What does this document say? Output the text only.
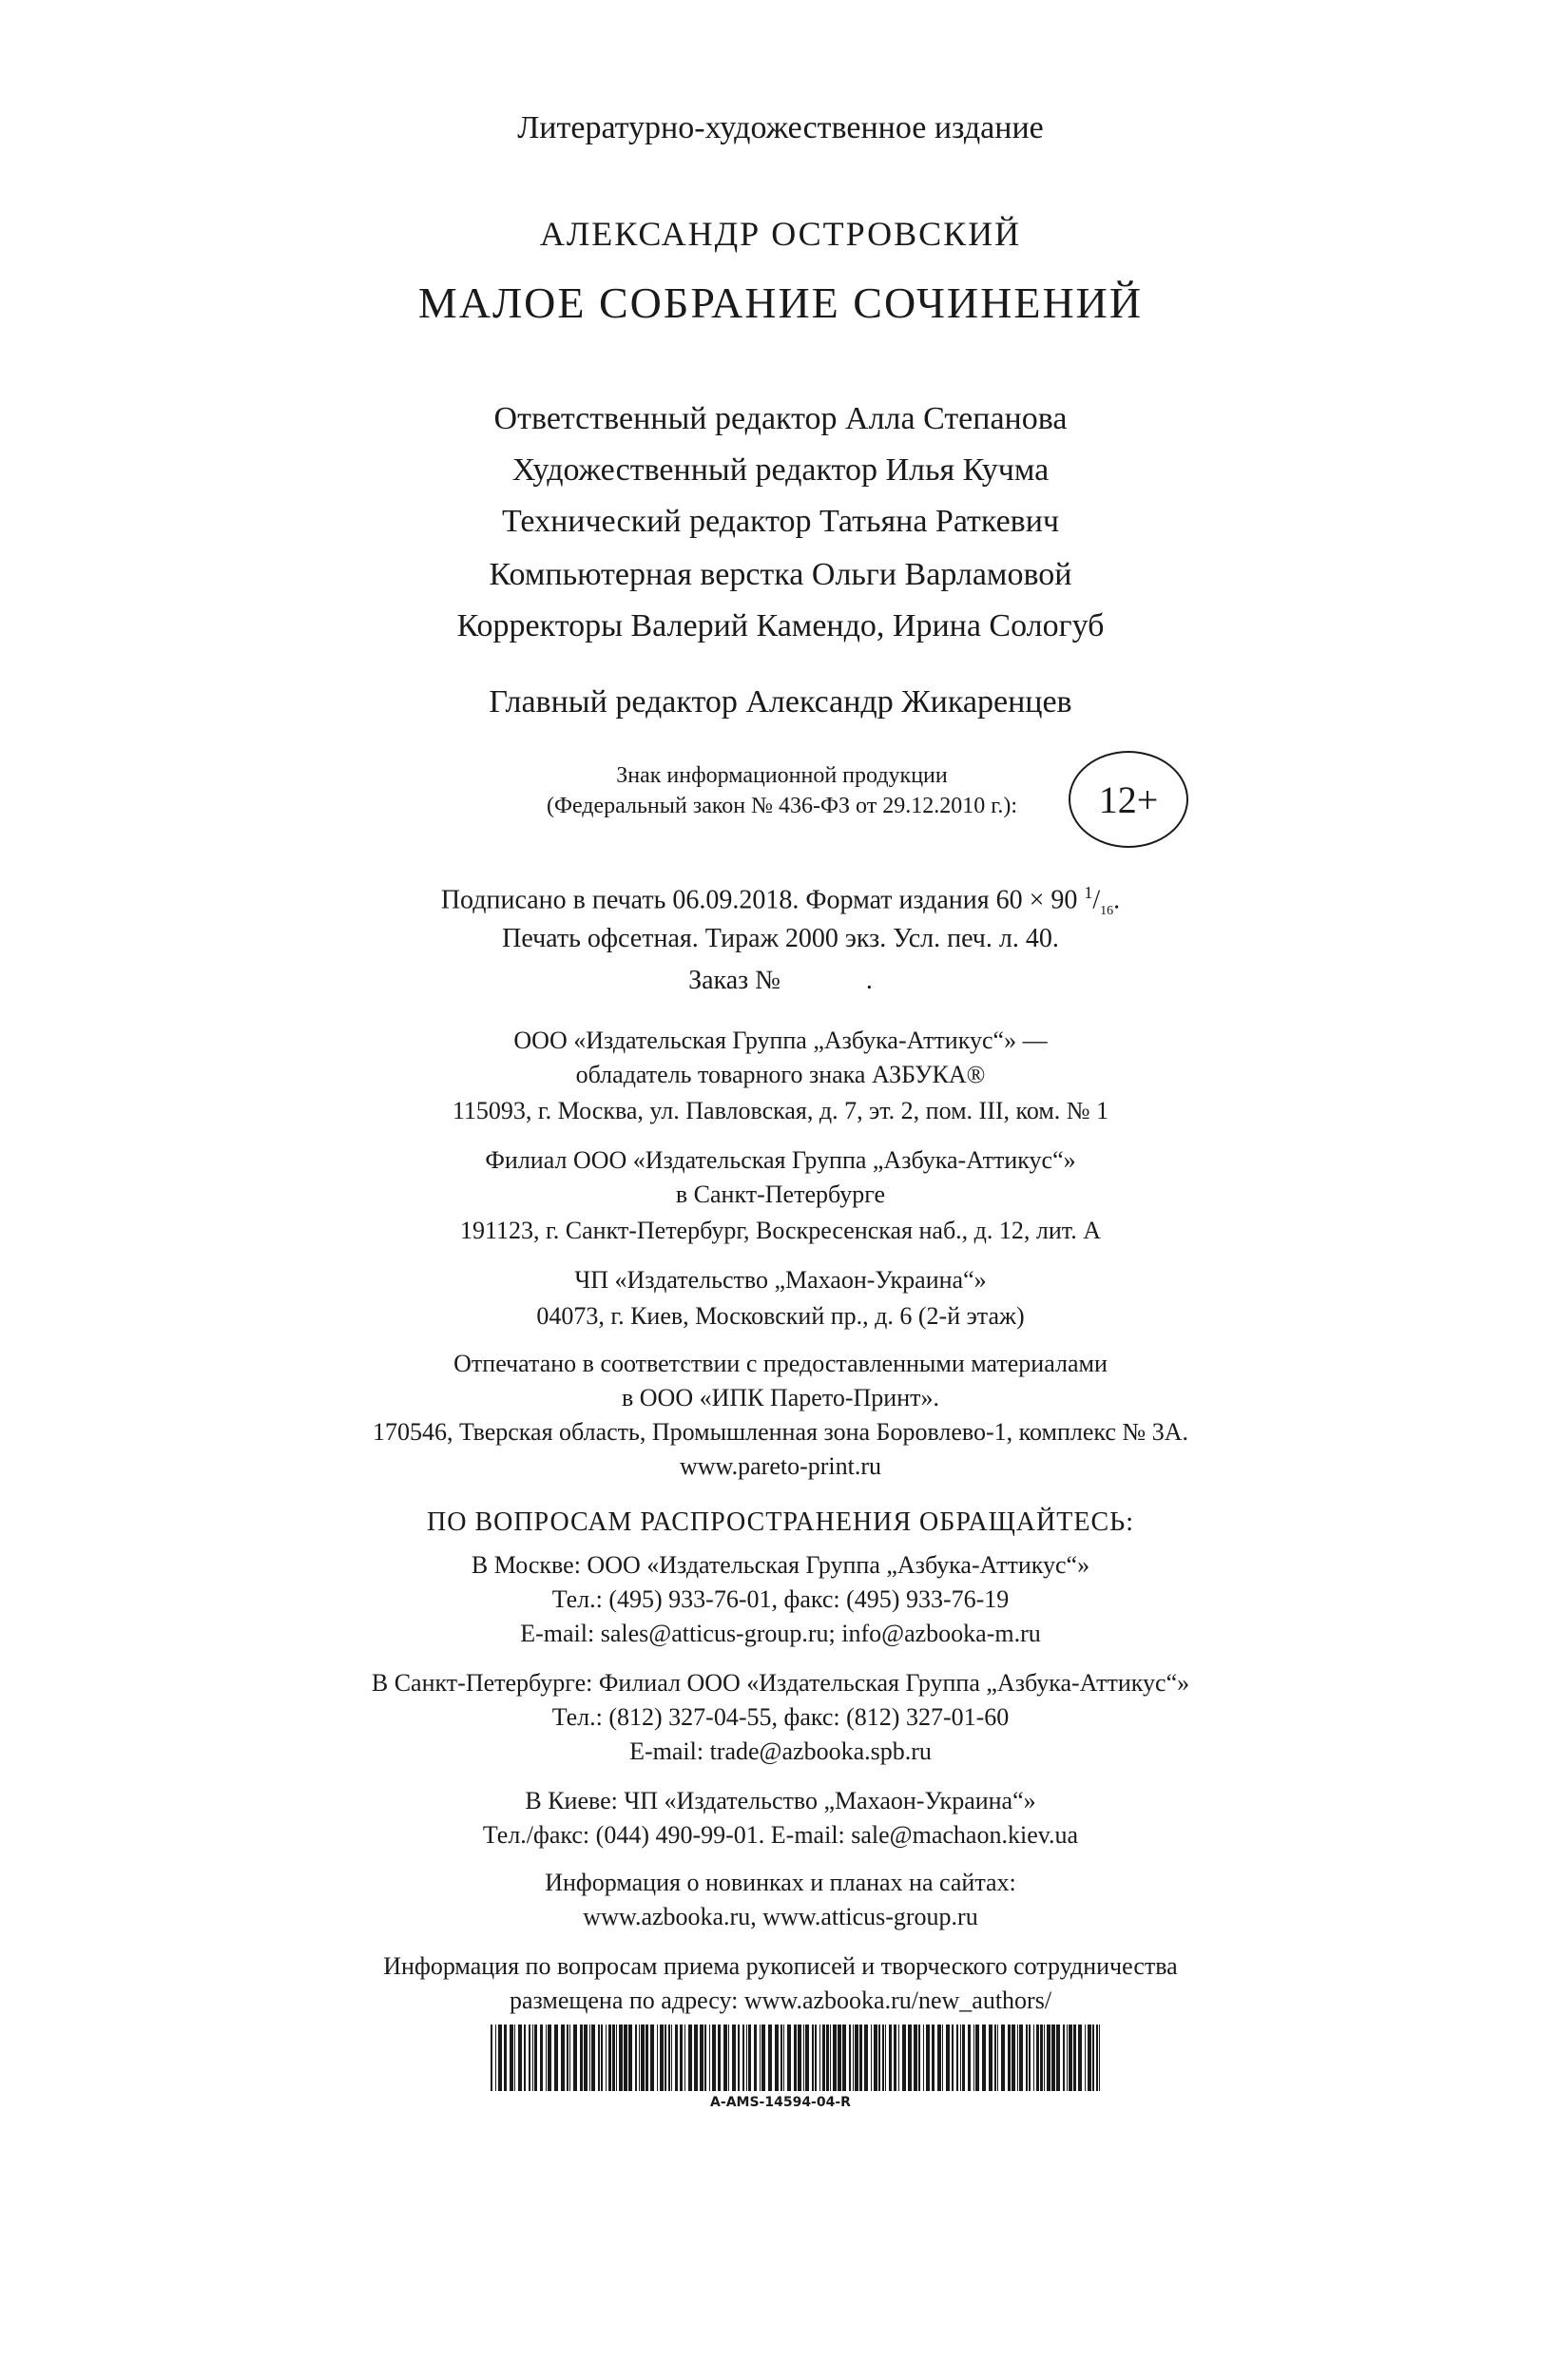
Литературно-художественное издание
АЛЕКСАНДР ОСТРОВСКИЙ
МАЛОЕ СОБРАНИЕ СОЧИНЕНИЙ
Ответственный редактор Алла Степанова
Художественный редактор Илья Кучма
Технический редактор Татьяна Раткевич
Компьютерная верстка Ольги Варламовой
Корректоры Валерий Камендо, Ирина Сологуб
Главный редактор Александр Жикаренцев
Знак информационной продукции
(Федеральный закон № 436-ФЗ от 29.12.2010 г.):	12+
Подписано в печать 06.09.2018. Формат издания 60 × 90 $^1/_{16}$.
Печать офсетная. Тираж 2000 экз. Усл. печ. л. 40.
Заказ №	.
ООО «Издательская Группа „Азбука-Аттикус“» —
обладатель товарного знака АЗБУКА®
115093, г. Москва, ул. Павловская, д. 7, эт. 2, пом. III, ком. № 1
Филиал ООО «Издательская Группа „Азбука-Аттикус“»
в Санкт-Петербурге
191123, г. Санкт-Петербург, Воскресенская наб., д. 12, лит. А
ЧП «Издательство „Махаон-Украина“»
04073, г. Киев, Московский пр., д. 6 (2-й этаж)
Отпечатано в соответствии с предоставленными материалами
в ООО «ИПК Парето-Принт».
170546, Тверская область, Промышленная зона Боровлево-1, комплекс № 3А.
www.pareto-print.ru
ПО ВОПРОСАМ РАСПРОСТРАНЕНИЯ ОБРАЩАЙТЕСЬ:
В Москве: ООО «Издательская Группа „Азбука-Аттикус“»
Тел.: (495) 933-76-01, факс: (495) 933-76-19
E-mail: sales@atticus-group.ru; info@azbooka-m.ru
В Санкт-Петербурге: Филиал ООО «Издательская Группа „Азбука-Аттикус“»
Тел.: (812) 327-04-55, факс: (812) 327-01-60
E-mail: trade@azbooka.spb.ru
В Киеве: ЧП «Издательство „Махаон-Украина“»
Тел./факс: (044) 490-99-01. E-mail: sale@machaon.kiev.ua
Информация о новинках и планах на сайтах:
www.azbooka.ru, www.atticus-group.ru
Информация по вопросам приема рукописей и творческого сотрудничества
размещена по адресу: www.azbooka.ru/new_authors/
A-AMS-14594-04-R
